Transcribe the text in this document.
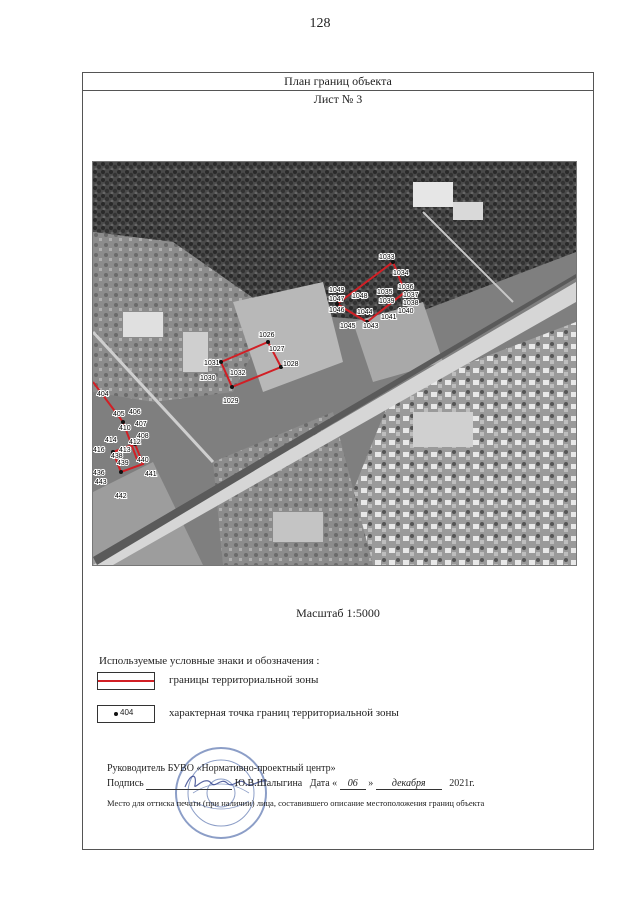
128
План границ объекта
Лист № 3
1026
1027
1028
1029
1030
1031
1032
1033
1034
1035
1036
1037
1038
1039
1040
1041
1043
1044
1045
1046
1047 1048
1049
404
405 406
407
408
410
412
413
414
416
436
438
439 440
441
442
443
Масштаб 1:5000
Используемые условные знаки и обозначения :
границы территориальной зоны
404	характерная точка границ территориальной зоны
Руководитель БУВО «Нормативно-проектный центр»
Подпись	Ю.В.Шалыгина Дата « 06 » декабря 2021г.
Место для оттиска печати (при наличии) лица, составившего описание местоположения границ объекта
